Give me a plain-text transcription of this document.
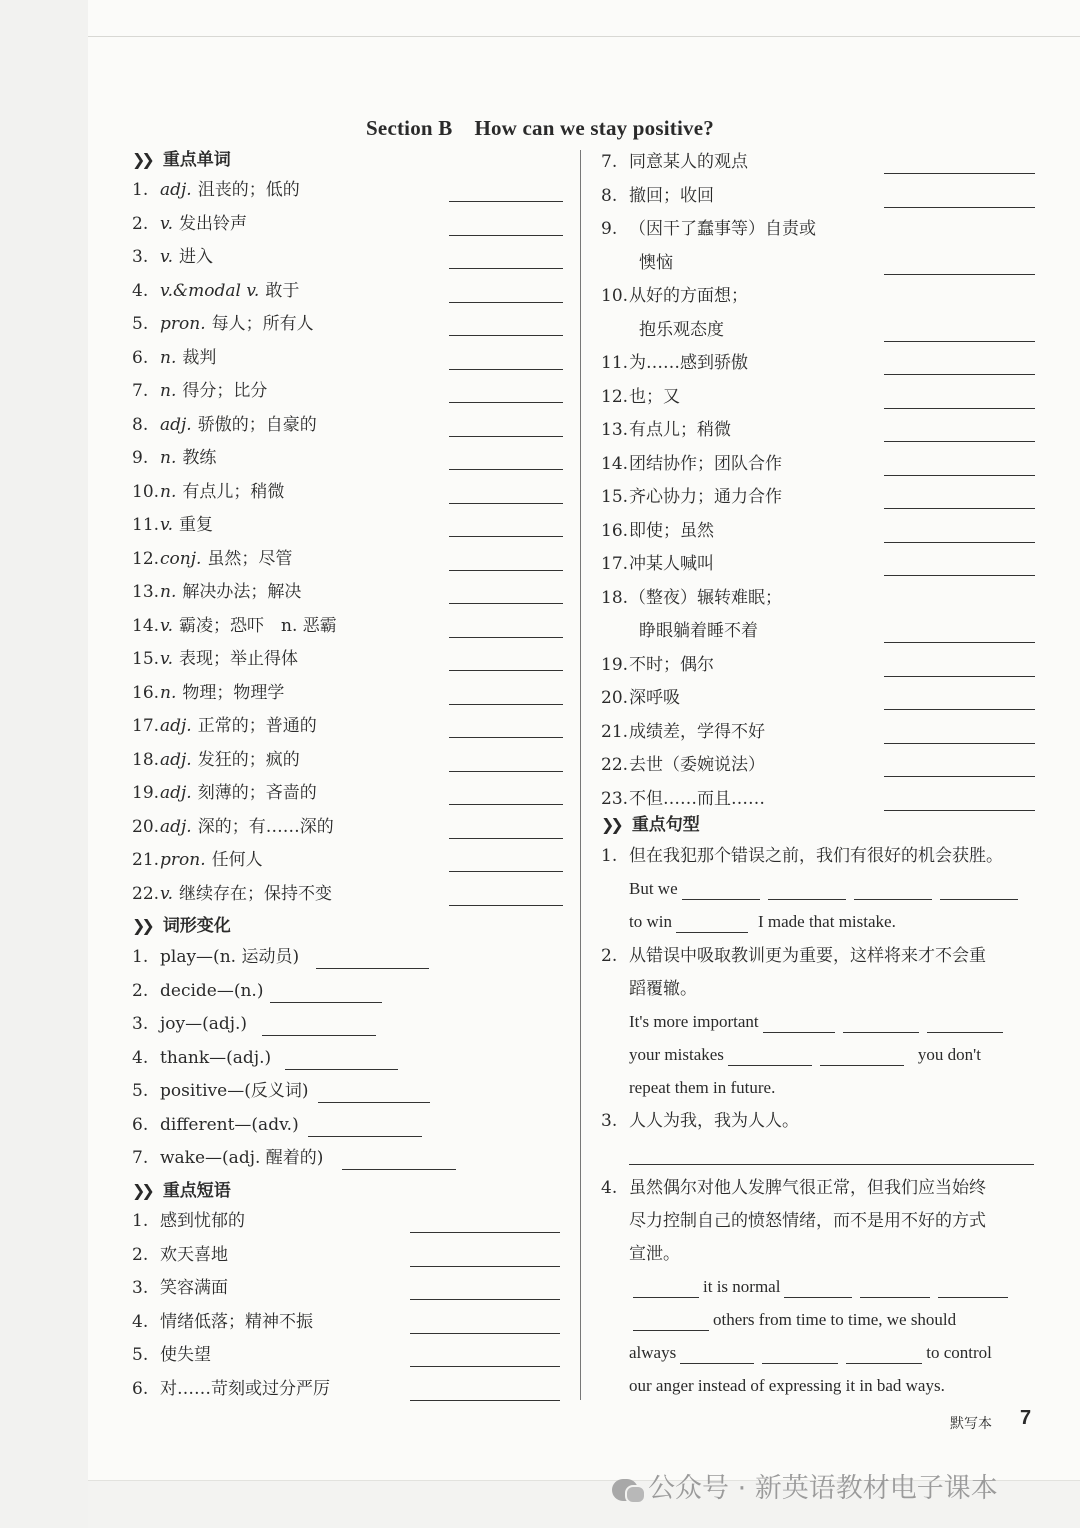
Section B How can we stay positive?
❯❯ 重点单词
1. adj. 沮丧的；低的
2. v. 发出铃声
3. v. 进入
4. v.&modal v. 敢于
5. pron. 每人；所有人
6. n. 裁判
7. n. 得分；比分
8. adj. 骄傲的；自豪的
9. n. 教练
10.n. 有点儿；稍微
11.v. 重复
12.conj. 虽然；尽管
13.n. 解决办法；解决
14.v. 霸凌；恐吓　n. 恶霸
15.v. 表现；举止得体
16.n. 物理；物理学
17.adj. 正常的；普通的
18.adj. 发狂的；疯的
19.adj. 刻薄的；吝啬的
20.adj. 深的；有……深的
21.pron. 任何人
22.v. 继续存在；保持不变
❯❯ 词形变化
1. play—(n. 运动员)
2. decide—(n.)
3. joy—(adj.)
4. thank—(adj.)
5. positive—(反义词)
6. different—(adv.)
7. wake—(adj. 醒着的)
❯❯ 重点短语
1. 感到忧郁的
2. 欢天喜地
3. 笑容满面
4. 情绪低落；精神不振
5. 使失望
6. 对……苛刻或过分严厉
7. 同意某人的观点
8. 撤回；收回
9. （因干了蠢事等）自责或
懊恼
10.从好的方面想；
抱乐观态度
11.为……感到骄傲
12.也；又
13.有点儿；稍微
14.团结协作；团队合作
15.齐心协力；通力合作
16.即使；虽然
17.冲某人喊叫
18.（整夜）辗转难眠；
睁眼躺着睡不着
19.不时；偶尔
20.深呼吸
21.成绩差，学得不好
22.去世（委婉说法）
23.不但……而且……
❯❯ 重点句型
1. 但在我犯那个错误之前，我们有很好的机会获胜。
But we
to win	I made that mistake.
2. 从错误中吸取教训更为重要，这样将来才不会重
蹈覆辙。
It's more important
your mistakes	you don't
repeat them in future.
3. 人人为我，我为人人。
4. 虽然偶尔对他人发脾气很正常，但我们应当始终
尽力控制自己的愤怒情绪，而不是用不好的方式
宣泄。
it is normal
others from time to time, we should
always	to control
our anger instead of expressing it in bad ways.
默写本 7
公众号 · 新英语教材电子课本
